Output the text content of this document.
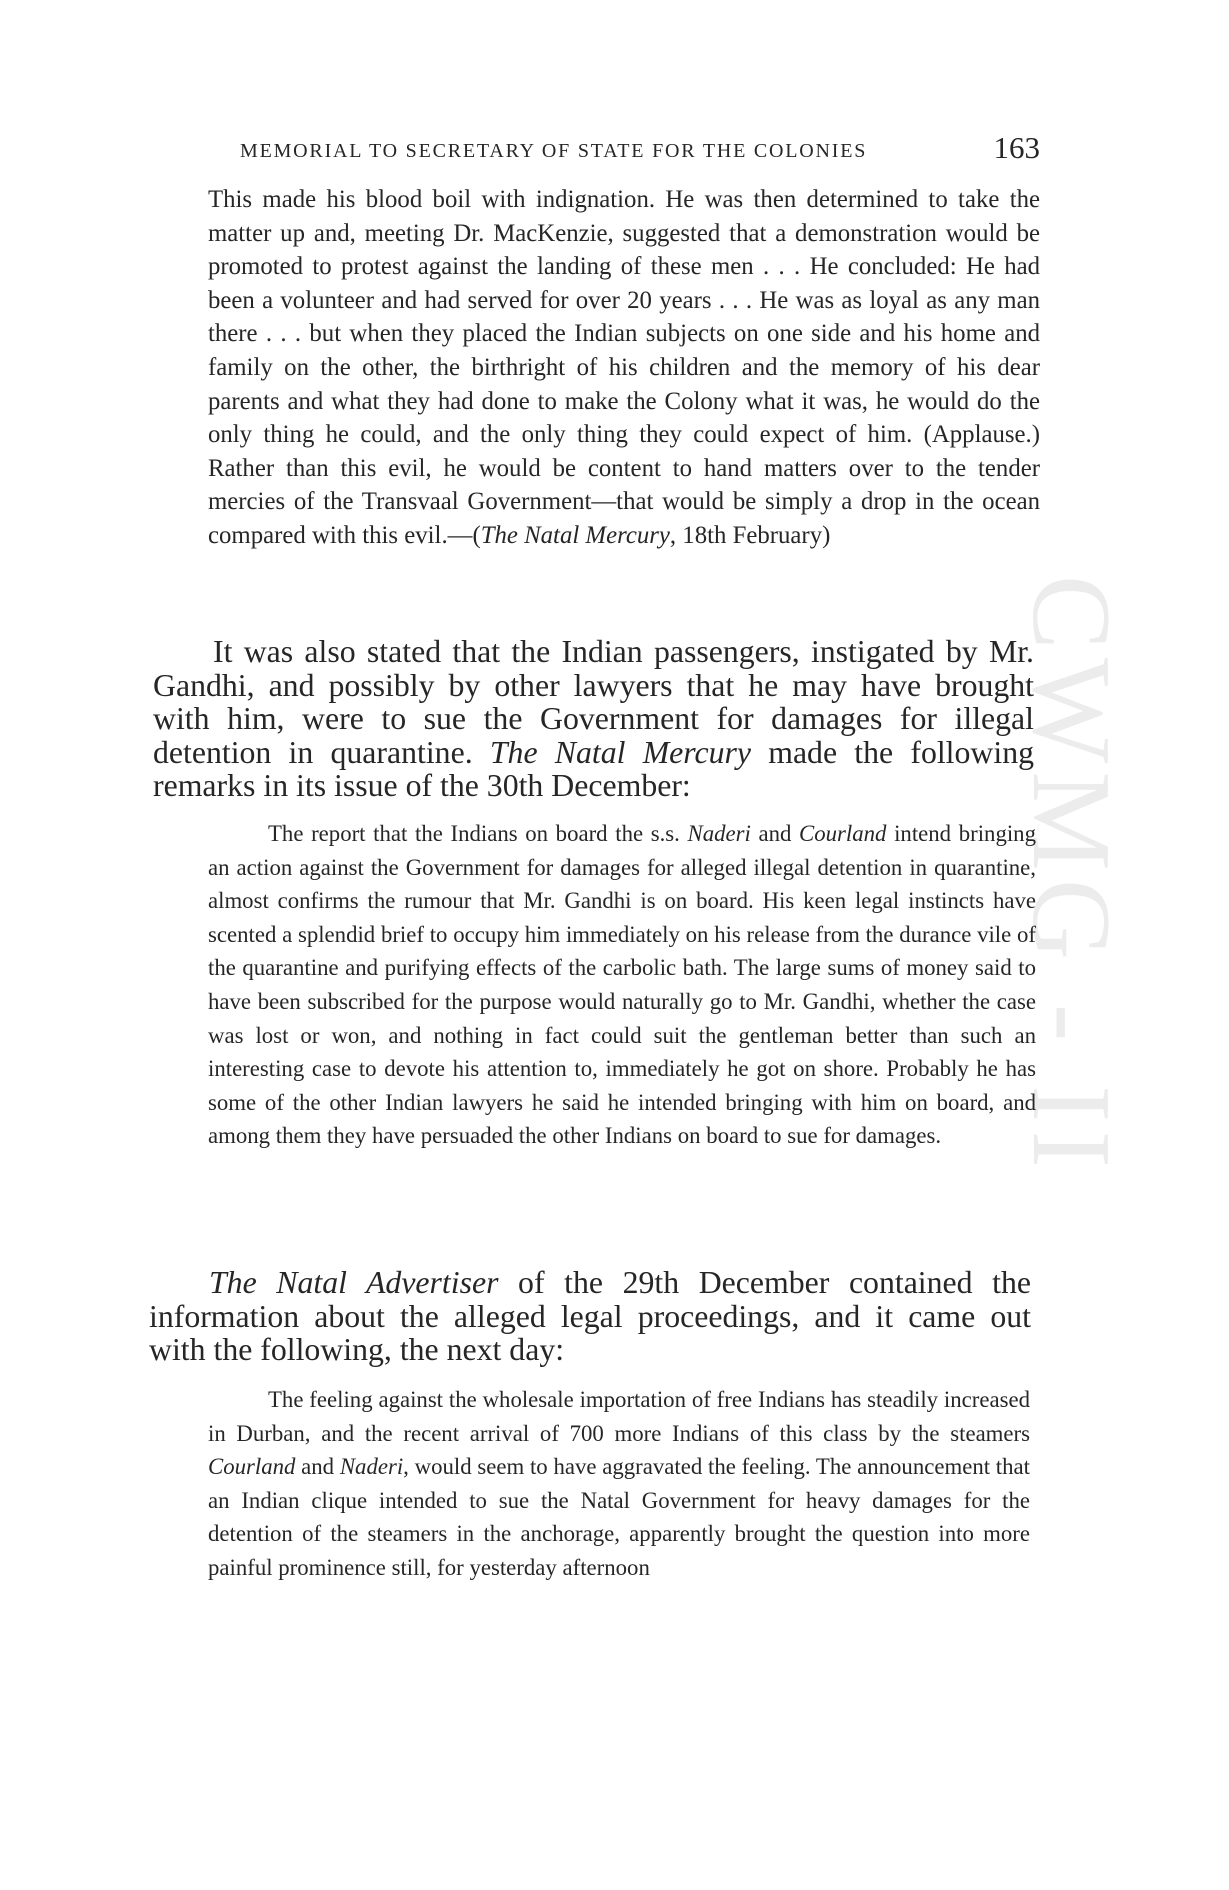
MEMORIAL TO SECRETARY OF STATE FOR THE COLONIES	163
CWMG - II

This made his blood boil with indignation. He was then determined to take the matter up and, meeting Dr. MacKenzie, suggested that a demonstration would be promoted to protest against the landing of these men . . . He concluded: He had been a volunteer and had served for over 20 years . . . He was as loyal as any man there . . . but when they placed the Indian subjects on one side and his home and family on the other, the birthright of his children and the memory of his dear parents and what they had done to make the Colony what it was, he would do the only thing he could, and the only thing they could expect of him. (Applause.) Rather than this evil, he would be content to hand matters over to the tender mercies of the Transvaal Government—that would be simply a drop in the ocean compared with this evil.—(The Natal Mercury, 18th February)

It was also stated that the Indian passengers, instigated by Mr. Gandhi, and possibly by other lawyers that he may have brought with him, were to sue the Government for damages for illegal detention in quarantine. The Natal Mercury made the following remarks in its issue of the 30th December:

The report that the Indians on board the s.s. Naderi and Courland intend bringing an action against the Government for damages for alleged illegal detention in quarantine, almost confirms the rumour that Mr. Gandhi is on board. His keen legal instincts have scented a splendid brief to occupy him immediately on his release from the durance vile of the quarantine and purifying effects of the carbolic bath. The large sums of money said to have been subscribed for the purpose would naturally go to Mr. Gandhi, whether the case was lost or won, and nothing in fact could suit the gentleman better than such an interesting case to devote his attention to, immediately he got on shore. Probably he has some of the other Indian lawyers he said he intended bringing with him on board, and among them they have persuaded the other Indians on board to sue for damages.

The Natal Advertiser of the 29th December contained the information about the alleged legal proceedings, and it came out with the following, the next day:

The feeling against the wholesale importation of free Indians has steadily increased in Durban, and the recent arrival of 700 more Indians of this class by the steamers Courland and Naderi, would seem to have aggravated the feeling. The announcement that an Indian clique intended to sue the Natal Government for heavy damages for the detention of the steamers in the anchorage, apparently brought the question into more painful prominence still, for yesterday afternoon
